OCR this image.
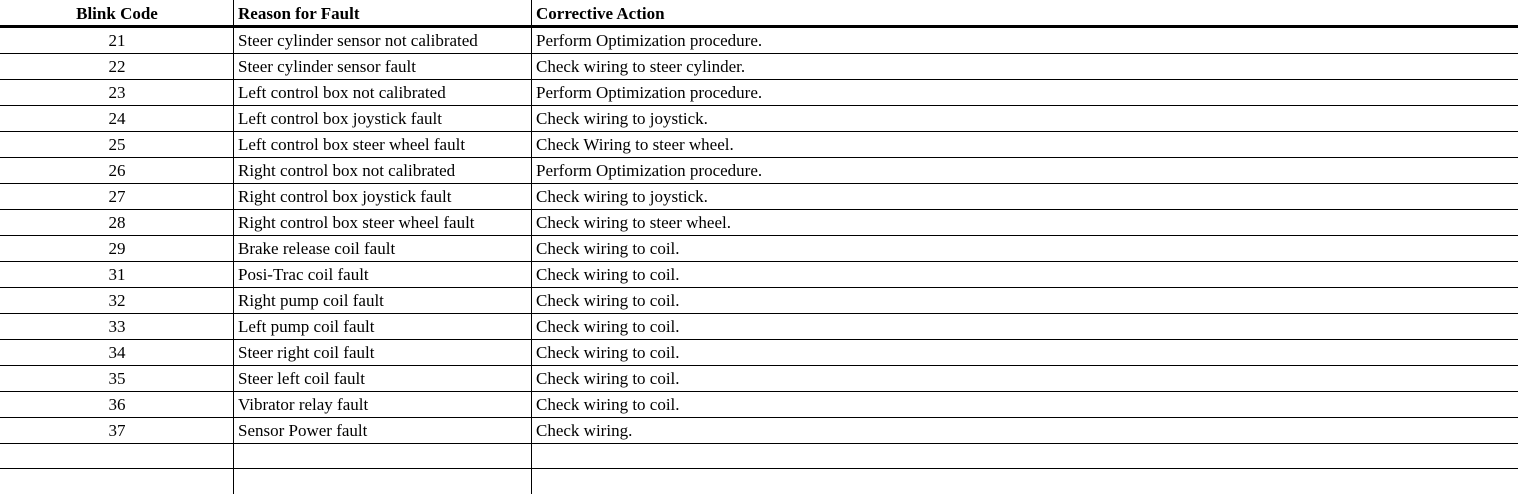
Blink Code	Reason for Fault	Corrective Action
21	Steer cylinder sensor not calibrated	Perform Optimization procedure.
22	Steer cylinder sensor fault	Check wiring to steer cylinder.
23	Left control box not calibrated	Perform Optimization procedure.
24	Left control box joystick fault	Check wiring to joystick.
25	Left control box steer wheel fault	Check Wiring to steer wheel.
26	Right control box not calibrated	Perform Optimization procedure.
27	Right control box joystick fault	Check wiring to joystick.
28	Right control box steer wheel fault	Check wiring to steer wheel.
29	Brake release coil fault	Check wiring to coil.
31	Posi-Trac coil fault	Check wiring to coil.
32	Right pump coil fault	Check wiring to coil.
33	Left pump coil fault	Check wiring to coil.
34	Steer right coil fault	Check wiring to coil.
35	Steer left coil fault	Check wiring to coil.
36	Vibrator relay fault	Check wiring to coil.
37	Sensor Power fault	Check wiring.
